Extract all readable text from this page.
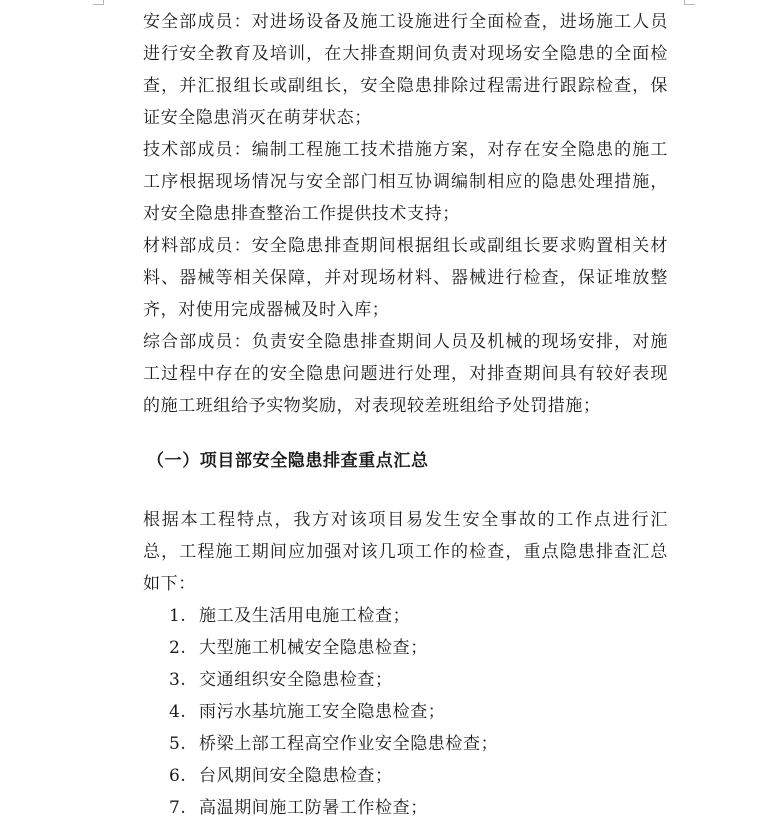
安全部成员：对进场设备及施工设施进行全面检查，进场施工人员进行安全教育及培训，在大排查期间负责对现场安全隐患的全面检查，并汇报组长或副组长，安全隐患排除过程需进行跟踪检查，保证安全隐患消灭在萌芽状态；

技术部成员：编制工程施工技术措施方案，对存在安全隐患的施工工序根据现场情况与安全部门相互协调编制相应的隐患处理措施，对安全隐患排查整治工作提供技术支持；

材料部成员：安全隐患排查期间根据组长或副组长要求购置相关材料、器械等相关保障，并对现场材料、器械进行检查，保证堆放整齐，对使用完成器械及时入库；

综合部成员：负责安全隐患排查期间人员及机械的现场安排，对施工过程中存在的安全隐患问题进行处理，对排查期间具有较好表现的施工班组给予实物奖励，对表现较差班组给予处罚措施；

（一）项目部安全隐患排查重点汇总

根据本工程特点，我方对该项目易发生安全事故的工作点进行汇总，工程施工期间应加强对该几项工作的检查，重点隐患排查汇总如下：

1. 施工及生活用电施工检查；
2. 大型施工机械安全隐患检查；
3. 交通组织安全隐患检查；
4. 雨污水基坑施工安全隐患检查；
5. 桥梁上部工程高空作业安全隐患检查；
6. 台风期间安全隐患检查；
7. 高温期间施工防暑工作检查；
